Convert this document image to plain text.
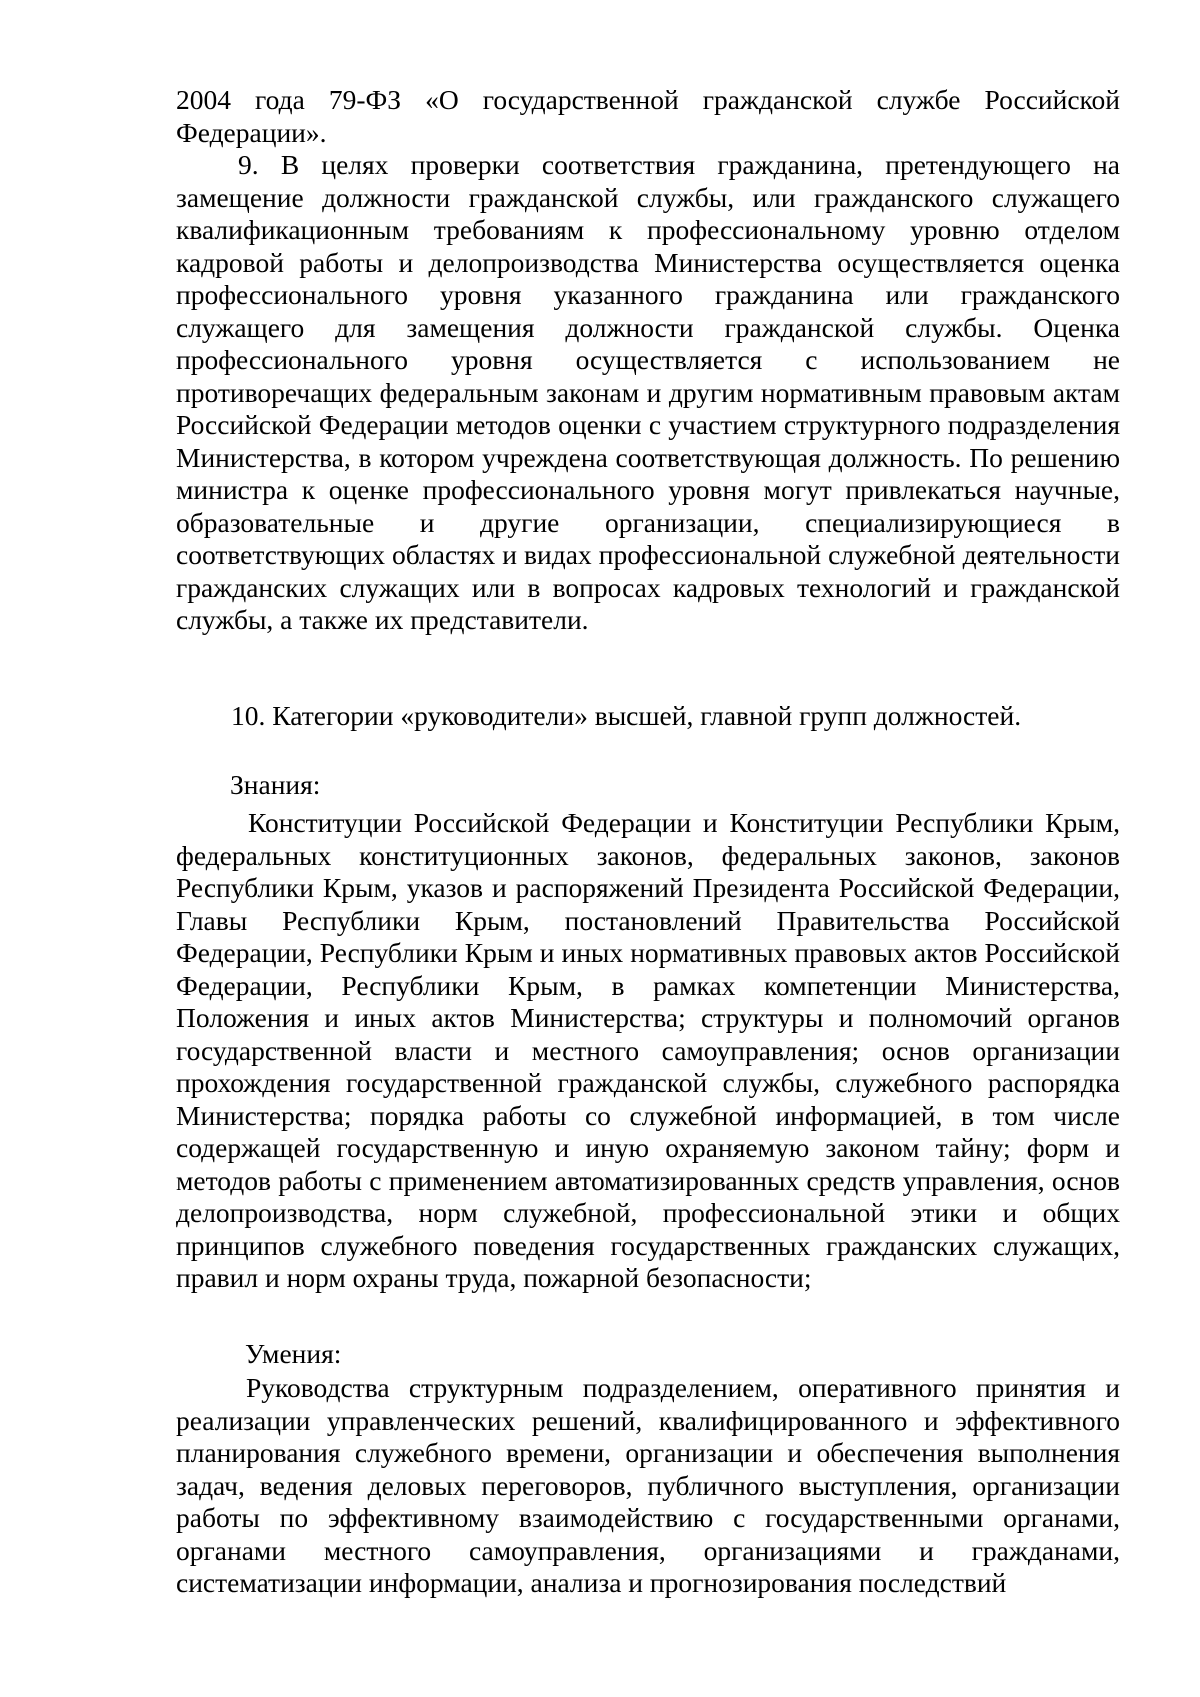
2004 года 79-ФЗ «О государственной гражданской службе Российской Федерации».

9. В целях проверки соответствия гражданина, претендующего на замещение должности гражданской службы, или гражданского служащего квалификационным требованиям к профессиональному уровню отделом кадровой работы и делопроизводства Министерства осуществляется оценка профессионального уровня указанного гражданина или гражданского служащего для замещения должности гражданской службы. Оценка профессионального уровня осуществляется с использованием не противоречащих федеральным законам и другим нормативным правовым актам Российской Федерации методов оценки с участием структурного подразделения Министерства, в котором учреждена соответствующая должность. По решению министра к оценке профессионального уровня могут привлекаться научные, образовательные и другие организации, специализирующиеся в соответствующих областях и видах профессиональной служебной деятельности гражданских служащих или в вопросах кадровых технологий и гражданской службы, а также их представители.

10. Категории «руководители» высшей, главной групп должностей.

Знания:

Конституции Российской Федерации и Конституции Республики Крым, федеральных конституционных законов, федеральных законов, законов Республики Крым, указов и распоряжений Президента Российской Федерации, Главы Республики Крым, постановлений Правительства Российской Федерации, Республики Крым и иных нормативных правовых актов Российской Федерации, Республики Крым, в рамках компетенции Министерства, Положения и иных актов Министерства; структуры и полномочий органов государственной власти и местного самоуправления; основ организации прохождения государственной гражданской службы, служебного распорядка Министерства; порядка работы со служебной информацией, в том числе содержащей государственную и иную охраняемую законом тайну; форм и методов работы с применением автоматизированных средств управления, основ делопроизводства, норм служебной, профессиональной этики и общих принципов служебного поведения государственных гражданских служащих, правил и норм охраны труда, пожарной безопасности;

Умения:

Руководства структурным подразделением, оперативного принятия и реализации управленческих решений, квалифицированного и эффективного планирования служебного времени, организации и обеспечения выполнения задач, ведения деловых переговоров, публичного выступления, организации работы по эффективному взаимодействию с государственными органами, органами местного самоуправления, организациями и гражданами, систематизации информации, анализа и прогнозирования последствий
